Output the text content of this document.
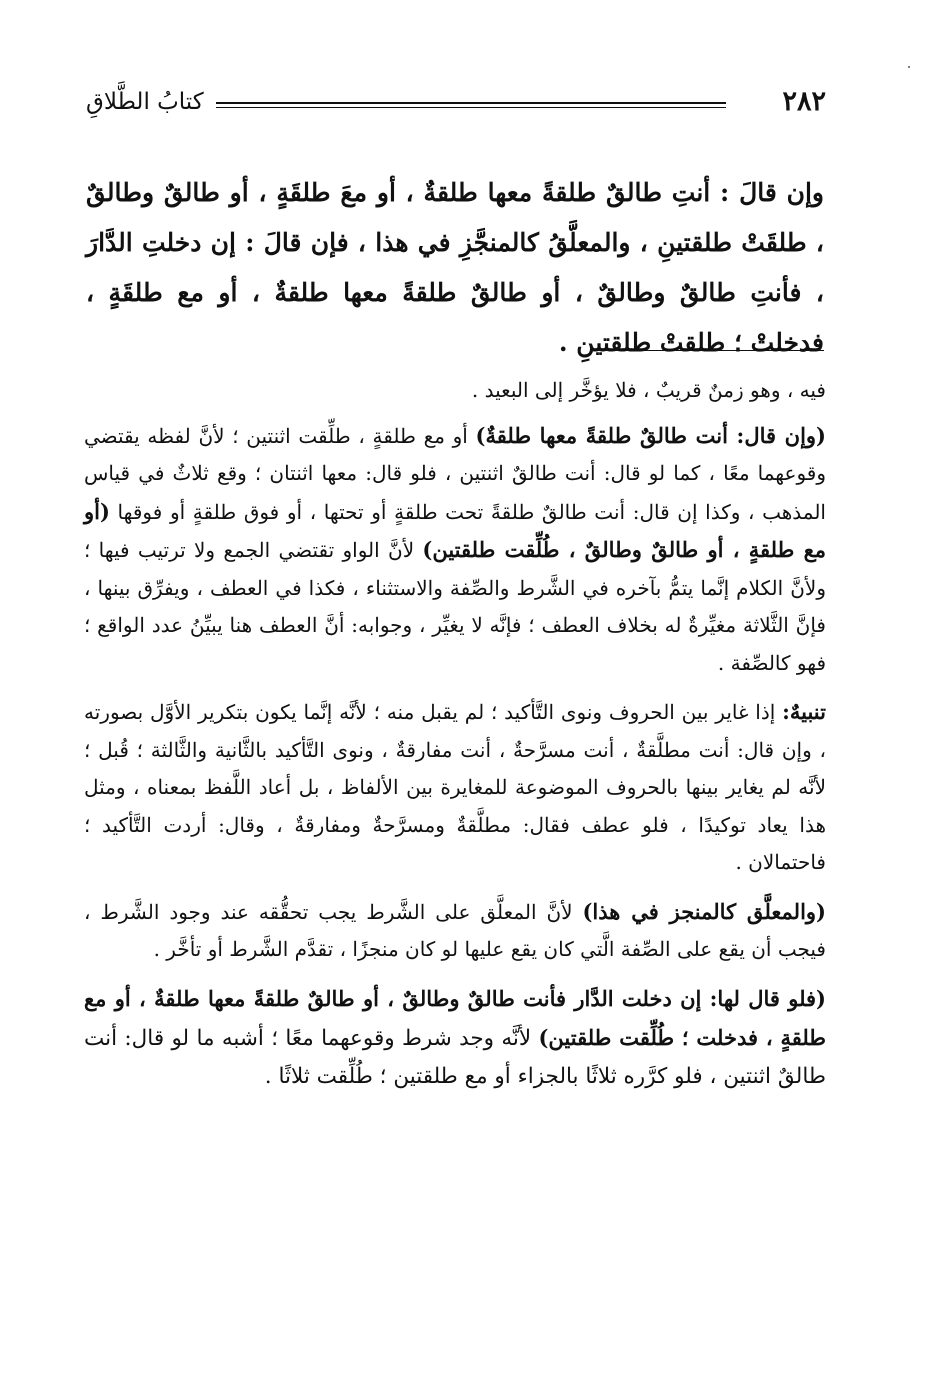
٢٨٢
كتابُ الطَّلاقِ
وإن قالَ : أنتِ طالقٌ طلقةً معها طلقةٌ ، أو معَ طلقَةٍ ، أو طالقٌ وطالقٌ ، طلقَتْ طلقتينِ ، والمعلَّقُ كالمنجَّزِ في هذا ، فإن قالَ : إن دخلتِ الدَّارَ ، فأنتِ طالقٌ وطالقٌ ، أو طالقٌ طلقةً معها طلقةٌ ، أو مع طلقَةٍ ، فدخلتْ ؛ طلقتْ طلقتينِ .

فيه ، وهو زمنٌ قريبٌ ، فلا يؤخَّر إلى البعيد .

(وإن قال: أنت طالقٌ طلقةً معها طلقةٌ) أو مع طلقةٍ ، طلِّقت اثنتين ؛ لأنَّ لفظه يقتضي وقوعهما معًا ، كما لو قال: أنت طالقٌ اثنتين ، فلو قال: معها اثنتان ؛ وقع ثلاثٌ في قياس المذهب ، وكذا إن قال: أنت طالقٌ طلقةً تحت طلقةٍ أو تحتها ، أو فوق طلقةٍ أو فوقها (أو مع طلقةٍ ، أو طالقٌ وطالقٌ ، طُلِّقت طلقتين) لأنَّ الواو تقتضي الجمع ولا ترتيب فيها ؛ ولأنَّ الكلام إنَّما يتمُّ بآخره في الشَّرط والصِّفة والاستثناء ، فكذا في العطف ، ويفرِّق بينها ، فإنَّ الثَّلاثة مغيِّرةٌ له بخلاف العطف ؛ فإنَّه لا يغيِّر ، وجوابه: أنَّ العطف هنا يبيِّنُ عدد الواقع ؛ فهو كالصِّفة .

تنبيهٌ: إذا غاير بين الحروف ونوى التَّأكيد ؛ لم يقبل منه ؛ لأنَّه إنَّما يكون بتكرير الأوَّل بصورته ، وإن قال: أنت مطلَّقةٌ ، أنت مسرَّحةٌ ، أنت مفارقةٌ ، ونوى التَّأكيد بالثَّانية والثَّالثة ؛ قُبل ؛ لأنَّه لم يغاير بينها بالحروف الموضوعة للمغايرة بين الألفاظ ، بل أعاد اللَّفظ بمعناه ، ومثل هذا يعاد توكيدًا ، فلو عطف فقال: مطلَّقةٌ ومسرَّحةٌ ومفارقةٌ ، وقال: أردت التَّأكيد ؛ فاحتمالان .

(والمعلَّق كالمنجز في هذا) لأنَّ المعلَّق على الشَّرط يجب تحقُّقه عند وجود الشَّرط ، فيجب أن يقع على الصِّفة الَّتي كان يقع عليها لو كان منجزًا ، تقدَّم الشَّرط أو تأخَّر .

(فلو قال لها: إن دخلت الدَّار فأنت طالقٌ وطالقٌ ، أو طالقٌ طلقةً معها طلقةٌ ، أو مع طلقةٍ ، فدخلت ؛ طُلِّقت طلقتين) لأنَّه وجد شرط وقوعهما معًا ؛ أشبه ما لو قال: أنت طالقٌ اثنتين ، فلو كرَّره ثلاثًا بالجزاء أو مع طلقتين ؛ طُلِّقت ثلاثًا .
